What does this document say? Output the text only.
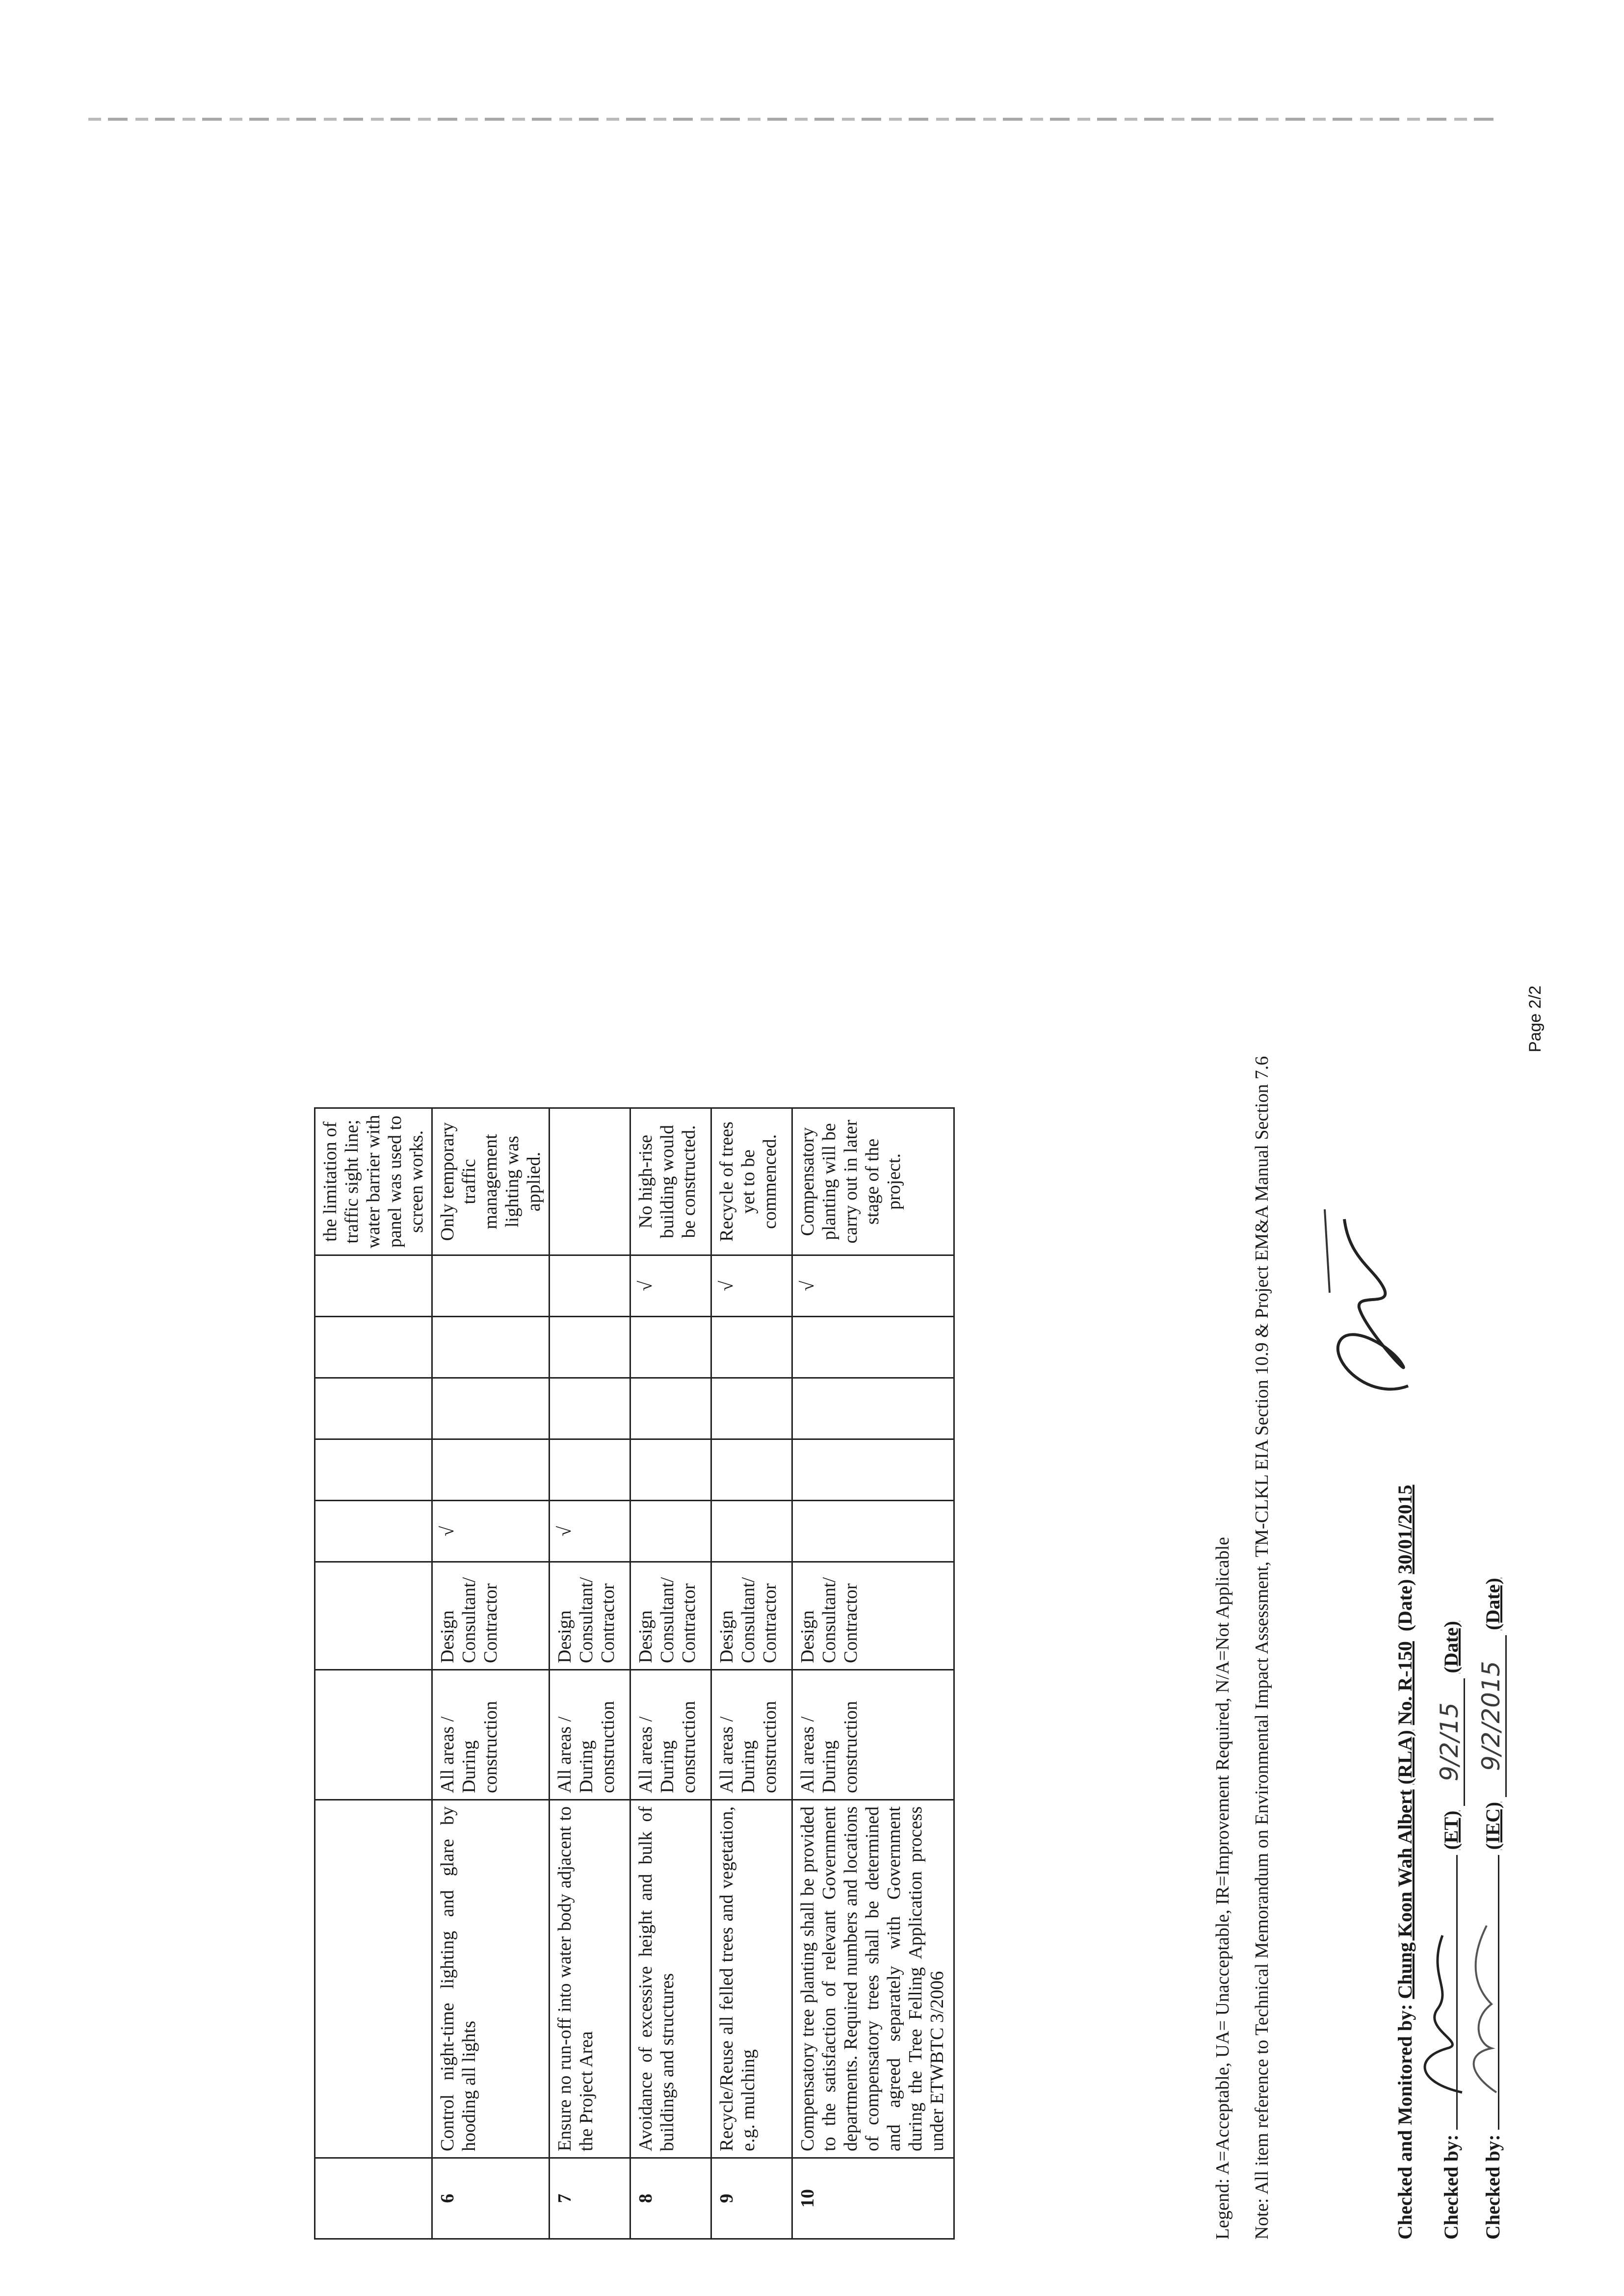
									the limitation of traffic sight line; water barrier with panel was used to screen works.
6	Control night-time lighting and glare by hooding all lights	All areas / During construction	Design Consultant/ Contractor	√					Only temporary traffic management lighting was applied.
7	Ensure no run-off into water body adjacent to the Project Area	All areas / During construction	Design Consultant/ Contractor	√					
8	Avoidance of excessive height and bulk of buildings and structures	All areas / During construction	Design Consultant/ Contractor					√	No high-rise building would be constructed.
9	Recycle/Reuse all felled trees and vegetation, e.g. mulching	All areas / During construction	Design Consultant/ Contractor					√	Recycle of trees yet to be commenced.
10	Compensatory tree planting shall be provided to the satisfaction of relevant Government departments. Required numbers and locations of compensatory trees shall be determined and agreed separately with Government during the Tree Felling Application process under ETWBTC 3/2006	All areas / During construction	Design Consultant/ Contractor					√	Compensatory planting will be carry out in later stage of the project.
Legend: A=Acceptable, UA= Unacceptable, IR=Improvement Required, N/A=Not Applicable Note: All item reference to Technical Memorandum on Environmental Impact Assessment, TM-CLKL EIA Section 10.9 & Project EM&A Manual Section 7.6	Checked and Monitored by: Chung Koon Wah Albert (RLA) No. R-150  (Date) 30/01/2015
Checked by:  (ET) 9/2/15 (Date)
Checked by:  (IEC) 9/2/2015 (Date)
Page 2/2
